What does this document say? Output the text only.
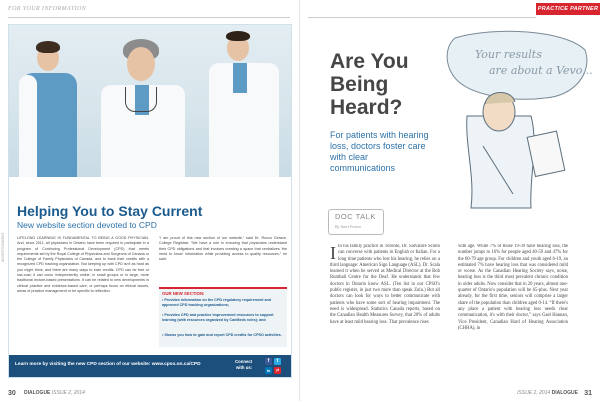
FOR YOUR INFORMATION
Helping You to Stay Current
New website section devoted to CPD
LIFELONG LEARNING IS FUNDAMENTAL TO BEING A GOOD PHYSICIAN. And, since 2011, all physicians in Ontario have been required to participate in a program of Continuing Professional Development (CPD) that meets requirements set by the Royal College of Physicians and Surgeons of Canada or the College of Family Physicians of Canada, and to track their credits with a recognized CPD tracking organization. But keeping up with CPD isn't as hard as you might think, and there are many ways to earn credits. CPD can be free or low-cost; it can occur independently online, in small groups or in large, more traditional lecture-based presentations. It can be related to new developments in clinical practice and evidence-based care, or perhaps focus on ethical issues, areas of practice management or be specific to reflection.
“I am proud of this new section of our website,” said Dr. Rocco Gerace, College Registrar. “We have a role in ensuring that physicians understand their CPD obligations and that involves creating a space that centralizes ‘the need to know’ information while providing access to quality resources,” he said.
OUR NEW SECTION:
• Provides information on the CPD regulatory requirement and approved CPD tracking organizations;
• Provides CPD and practice improvement resources to support learning (with resources organized by CanMeds roles); and
• Shows you how to gain and report CPD credits for CPSO activities.
Learn more by visiting the new CPD section of our website: www.cpso.on.ca/CPD
Connect
with us:
f	t
in	yt
30 DIALOGUE ISSUE 2, 2014
PRACTICE PARTNER
Are You Being Heard?
For patients with hearing loss, doctors foster care with clear communications
Your results are about a Vevo...
DOC TALK
By Janet Fenton
I In his family practice in Toronto, Dr. Salvatore Sciuto can converse with patients in English or Italian. For a long time patients who lost his hearing, he relies on a third language: American Sign Language (ASL). Dr. Scala learned it when he served as Medical Director at the Bob Rumball Centre for the Deaf. He understands that few doctors in Ontario know ASL. (Ten list in our CPSO's public register, in just two more than speak Zulu.) But all doctors can look for ways to better communicate with patients who have some sort of hearing impairment. The need is widespread. Statistics Canada reports, based on the Canadian Health Measures Survey, that 20% of adults have at least mild hearing loss. That prevalence rises
with age. While 7% of those 19-39 have hearing loss, the number jumps to 16% for people aged 40-59 and 47% for the 60-79 age group. For children and youth aged 6-19, an estimated 7% have hearing loss that was considered mild or worse. As the Canadian Hearing Society says, noise, hearing loss is the third most prevalent chronic condition in older adults. Now consider that in 20 years, almost one-quarter of Ontario's population will be 65-plus. Next year already, for the first time, seniors will comprise a larger share of the population than children aged 0-14. “If there's any place a patient with hearing loss needs clear communication, it's with their doctor,” says Gael Hannan, Vice President, Canadian Hard of Hearing Association (CHHA), in
ISSUE 2, 2014 DIALOGUE 31
ADVERTISEMENT
